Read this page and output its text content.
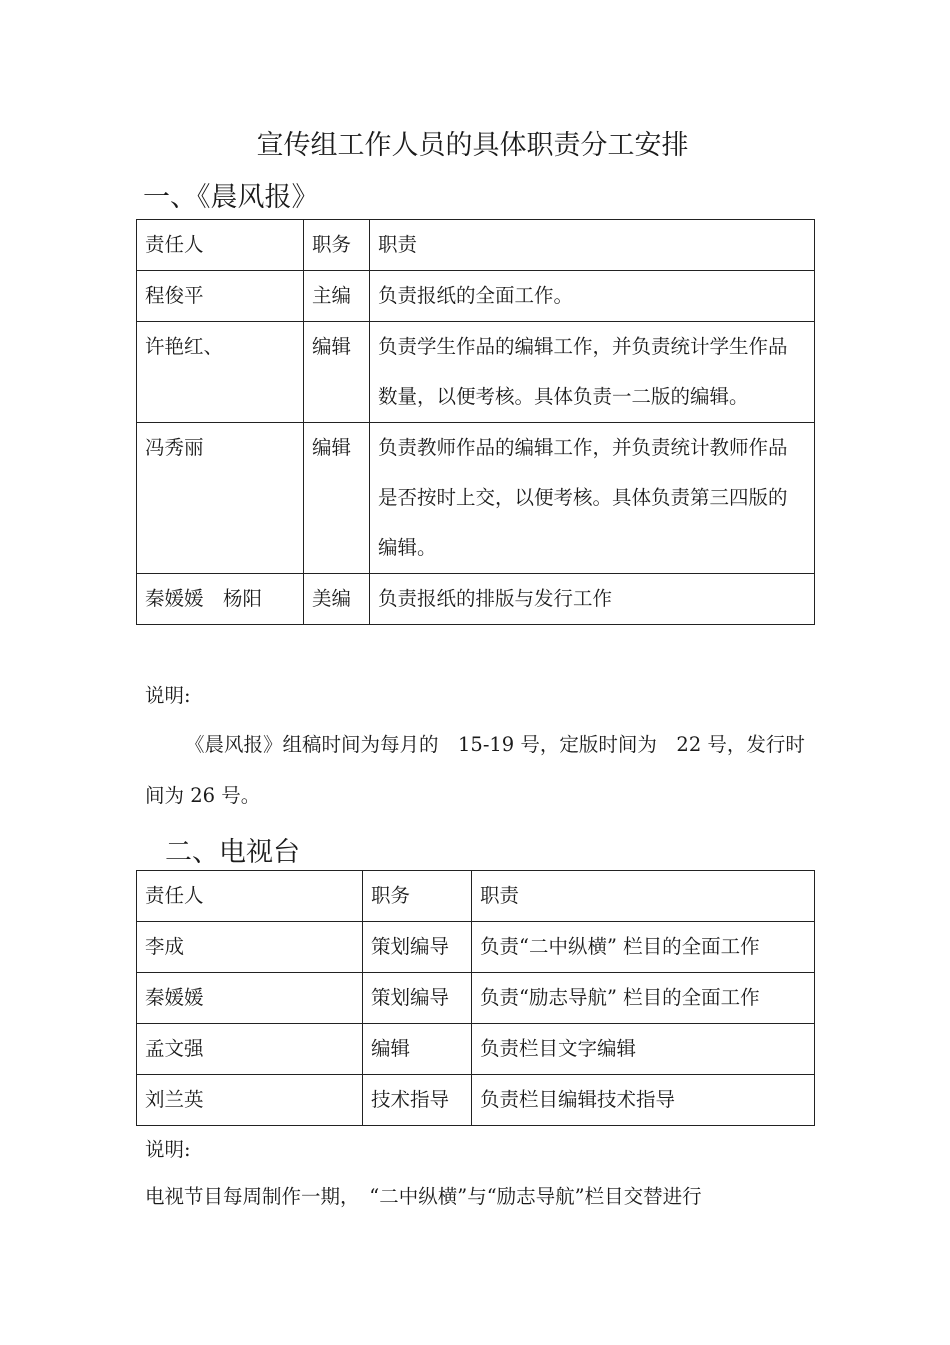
宣传组工作人员的具体职责分工安排
一、《晨风报》
责任人	职务	职责
程俊平	主编	负责报纸的全面工作。
许艳红、	编辑	负责学生作品的编辑工作，并负责统计学生作品数量，以便考核。具体负责一二版的编辑。
冯秀丽	编辑	负责教师作品的编辑工作，并负责统计教师作品是否按时上交，以便考核。具体负责第三四版的编辑。
秦媛媛　杨阳	美编	负责报纸的排版与发行工作
说明:
《晨风报》组稿时间为每月的　15-19 号，定版时间为　22 号，发行时间为 26 号。
二、电视台
责任人	职务	职责
李成	策划编导	负责“二中纵横” 栏目的全面工作
秦媛媛	策划编导	负责“励志导航” 栏目的全面工作
孟文强	编辑	负责栏目文字编辑
刘兰英	技术指导	负责栏目编辑技术指导
说明:
电视节目每周制作一期，　“二中纵横”与“励志导航”栏目交替进行
